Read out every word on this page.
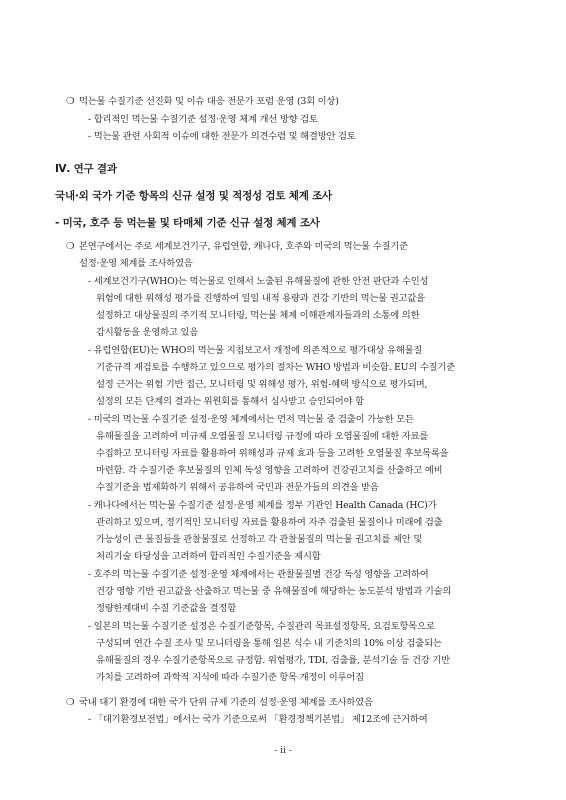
❍ 먹는물 수질기준 선진화 및 이슈 대응 전문가 포럼 운영 (3회 이상)
- 합리적인 먹는물 수질기준 설정·운영 체계 개선 방향 검토
- 먹는물 관련 사회적 이슈에 대한 전문가 의견수렴 및 해결방안 검토
Ⅳ. 연구 결과
국내·외 국가 기준 항목의 신규 설정 및 적정성 검토 체계 조사
- 미국, 호주 등 먹는물 및 타매체 기준 신규 설정 체계 조사
❍ 본연구에서는 주로 세계보건기구, 유럽연합, 캐나다, 호주와 미국의 먹는물 수질기준
설정·운영 체계를 조사하였음
- 세계보건기구(WHO)는 먹는물로 인해서 노출된 유해물질에 관한 안전 판단과 수인성
위험에 대한 위해성 평가를 진행하여 일일 내적 용량과 건강 기반의 먹는물 권고값을
설정하고 대상물질의 주기적 모니터링, 먹는물 체계 이해관계자들과의 소통에 의한
감시활동을 운영하고 있음
- 유럽연합(EU)는 WHO의 먹는물 지침보고서 개정에 의존적으로 평가대상 유해물질
기준규격 재검토를 수행하고 있으므로 평가의 절차는 WHO 방법과 비슷함. EU의 수질기준
설정 근거는 위험 기반 접근, 모니터링 및 위해성 평가, 위험-혜택 방식으로 평가되며,
설정의 모든 단계의 결과는 위원회를 통해서 심사받고 승인되어야 함
- 미국의 먹는물 수질기준 설정·운영 체계에서는 먼저 먹는물 중 검출이 가능한 모든
유해물질을 고려하여 미규제 오염물질 모니터링 규정에 따라 오염물질에 대한 자료를
수집하고 모니터링 자료를 활용하여 위해성과 규제 효과 등을 고려한 오염물질 후보목록을
마련함. 각 수질기준 후보물질의 인체 독성 영향을 고려하여 건강권고치를 산출하고 예비
수질기준을 법제화하기 위해서 공유하여 국민과 전문가들의 의견을 받음
- 캐나다에서는 먹는물 수질기준 설정·운영 체계를 정부 기관인 Health Canada (HC)가
관리하고 있으며, 정기적인 모니터링 자료를 활용하여 자주 검출된 물질이나 미래에 검출
가능성이 큰 물질들을 관찰물질로 선정하고 각 관찰물질의 먹는물 권고치를 제안 및
처리기술 타당성을 고려하여 합리적인 수질기준을 제시함
- 호주의 먹는물 수질기준 설정·운영 체계에서는 관찰물질별 건강 독성 영향을 고려하여
건강 영향 기반 권고값을 산출하고 먹는물 중 유해물질에 해당하는 농도분석 방법과 기술의
정량한계대비 수질 기준값을 결정함
- 일본의 먹는물 수질기준 설정은 수질기준항목, 수질관리 목표설정항목, 요검토항목으로
구성되며 연간 수질 조사 및 모니터링을 통해 일본 식수 내 기준치의 10% 이상 검출되는
유해물질의 경우 수질기준항목으로 규정함. 위험평가, TDI, 검출률, 분석기술 등 건강 기반
가치를 고려하여 과학적 지식에 따라 수질기준 항목 개정이 이루어짐
❍ 국내 대기 환경에 대한 국가 단위 규제 기준의 설정·운영 체계를 조사하였음
- 「대기환경보전법」에서는 국가 기준으로써 「환경정책기본법」 제12조에 근거하여
- ii -
